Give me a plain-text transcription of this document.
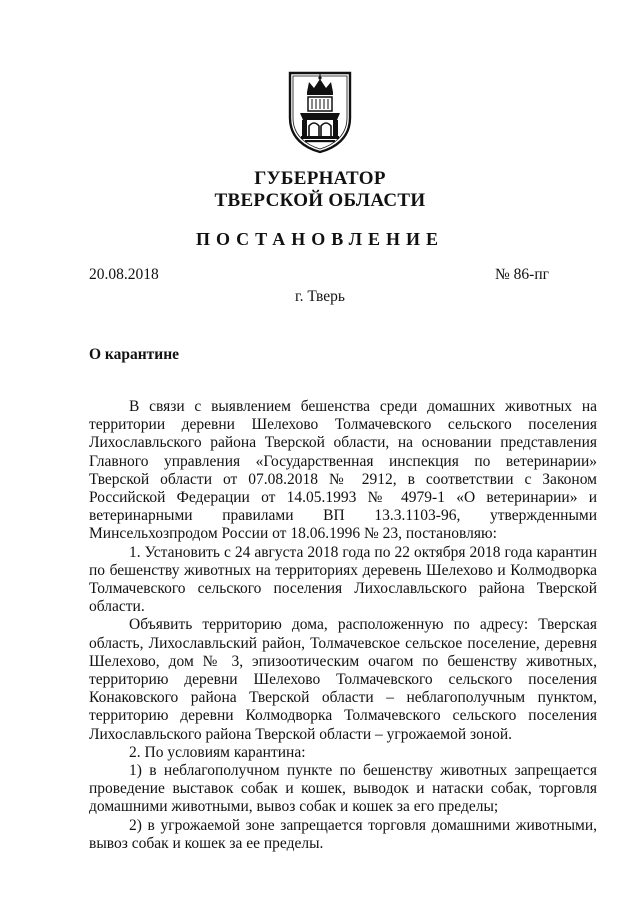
ГУБЕРНАТОР
ТВЕРСКОЙ ОБЛАСТИ
ПОСТАНОВЛЕНИЕ
20.08.2018	№ 86-пг
г. Тверь
О карантине

В связи с выявлением бешенства среди домашних животных на территории деревни Шелехово Толмачевского сельского поселения Лихославльского района Тверской области, на основании представления Главного управления «Государственная инспекция по ветеринарии» Тверской области от 07.08.2018 № 2912, в соответствии с Законом Российской Федерации от 14.05.1993 № 4979-1 «О ветеринарии» и ветеринарными правилами ВП 13.3.1103-96, утвержденными Минсельхозпродом России от 18.06.1996 № 23, постановляю:

1. Установить с 24 августа 2018 года по 22 октября 2018 года карантин по бешенству животных на территориях деревень Шелехово и Колмодворка Толмачевского сельского поселения Лихославльского района Тверской области.

Объявить территорию дома, расположенную по адресу: Тверская область, Лихославльский район, Толмачевское сельское поселение, деревня Шелехово, дом № 3, эпизоотическим очагом по бешенству животных, территорию деревни Шелехово Толмачевского сельского поселения Конаковского района Тверской области – неблагополучным пунктом, территорию деревни Колмодворка Толмачевского сельского поселения Лихославльского района Тверской области – угрожаемой зоной.

2. По условиям карантина:

1) в неблагополучном пункте по бешенству животных запрещается проведение выставок собак и кошек, выводок и натаски собак, торговля домашними животными, вывоз собак и кошек за его пределы;

2) в угрожаемой зоне запрещается торговля домашними животными, вывоз собак и кошек за ее пределы.
